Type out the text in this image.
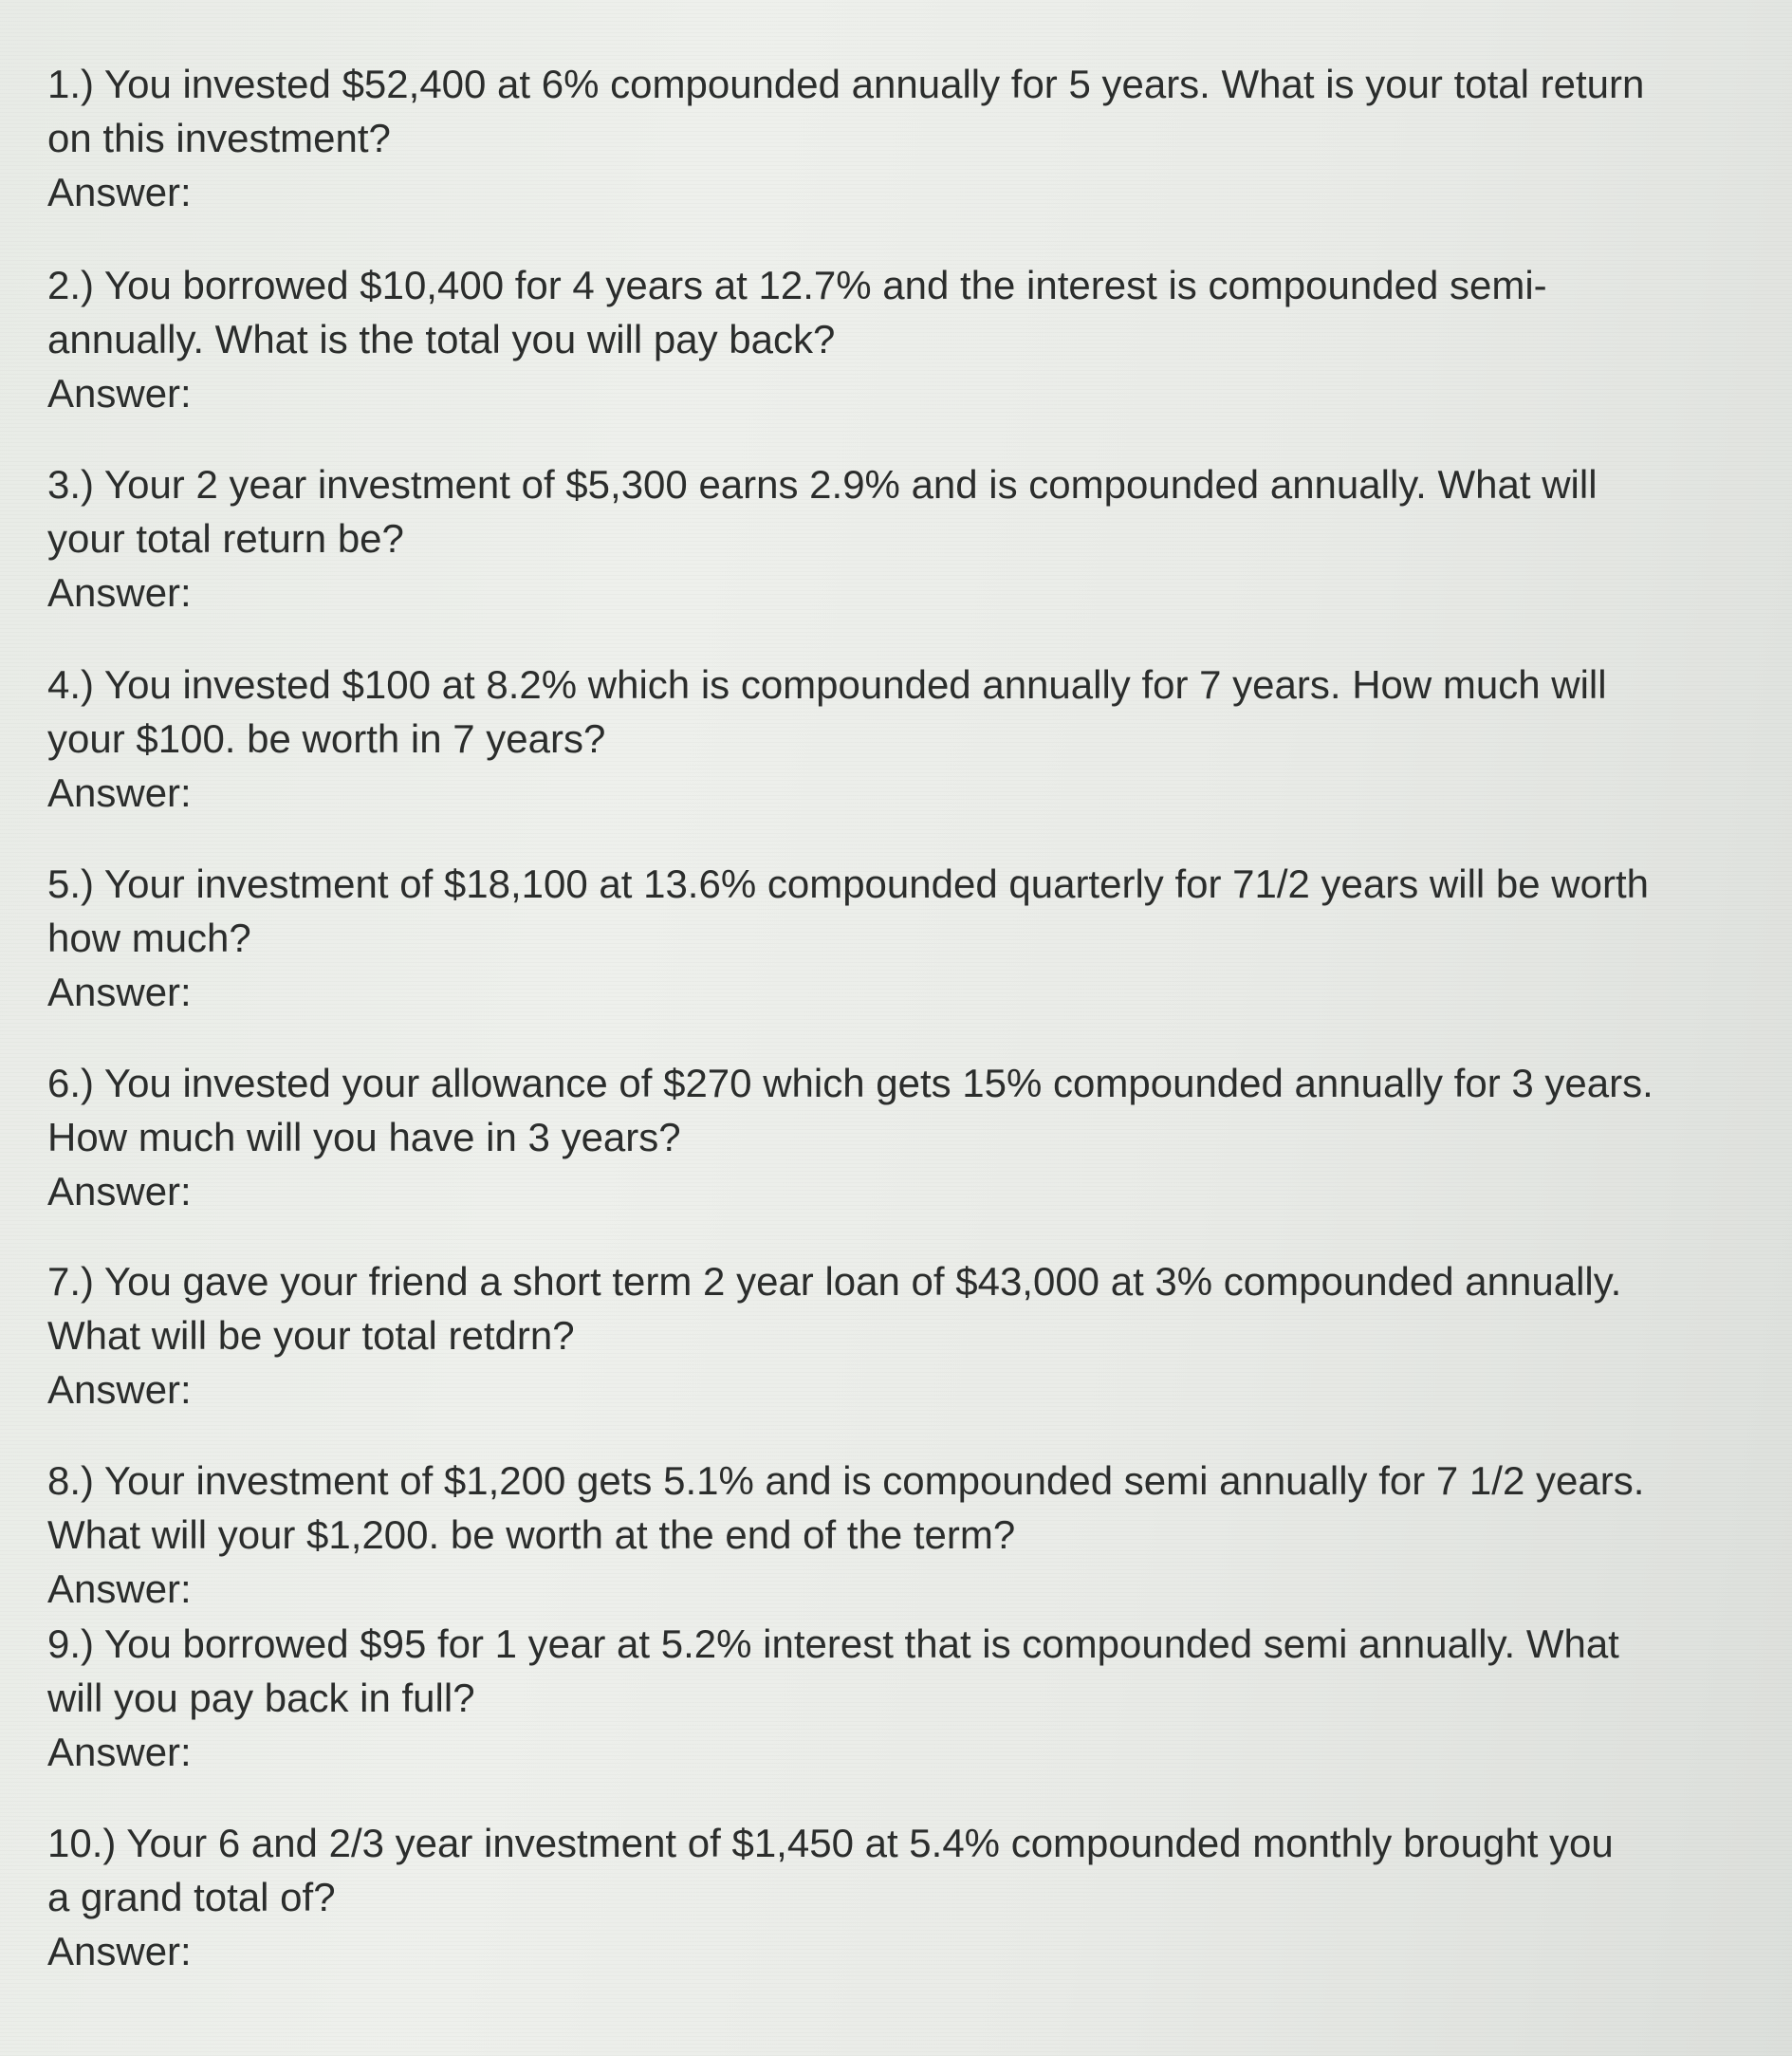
1.) You invested $52,400 at 6% compounded annually for 5 years. What is your total return
on this investment?

Answer:

2.) You borrowed $10,400 for 4 years at 12.7% and the interest is compounded semi-
annually. What is the total you will pay back?

Answer:

3.) Your 2 year investment of $5,300 earns 2.9% and is compounded annually. What will
your total return be?

Answer:

4.) You invested $100 at 8.2% which is compounded annually for 7 years. How much will
your $100. be worth in 7 years?

Answer:

5.) Your investment of $18,100 at 13.6% compounded quarterly for 71/2 years will be worth
how much?

Answer:

6.) You invested your allowance of $270 which gets 15% compounded annually for 3 years.
How much will you have in 3 years?

Answer:

7.) You gave your friend a short term 2 year loan of $43,000 at 3% compounded annually.
What will be your total retdrn?

Answer:

8.) Your investment of $1,200 gets 5.1% and is compounded semi annually for 7 1/2 years.
What will your $1,200. be worth at the end of the term?

Answer:

9.) You borrowed $95 for 1 year at 5.2% interest that is compounded semi annually. What
will you pay back in full?

Answer:

10.) Your 6 and 2/3 year investment of $1,450 at 5.4% compounded monthly brought you
a grand total of?

Answer:
